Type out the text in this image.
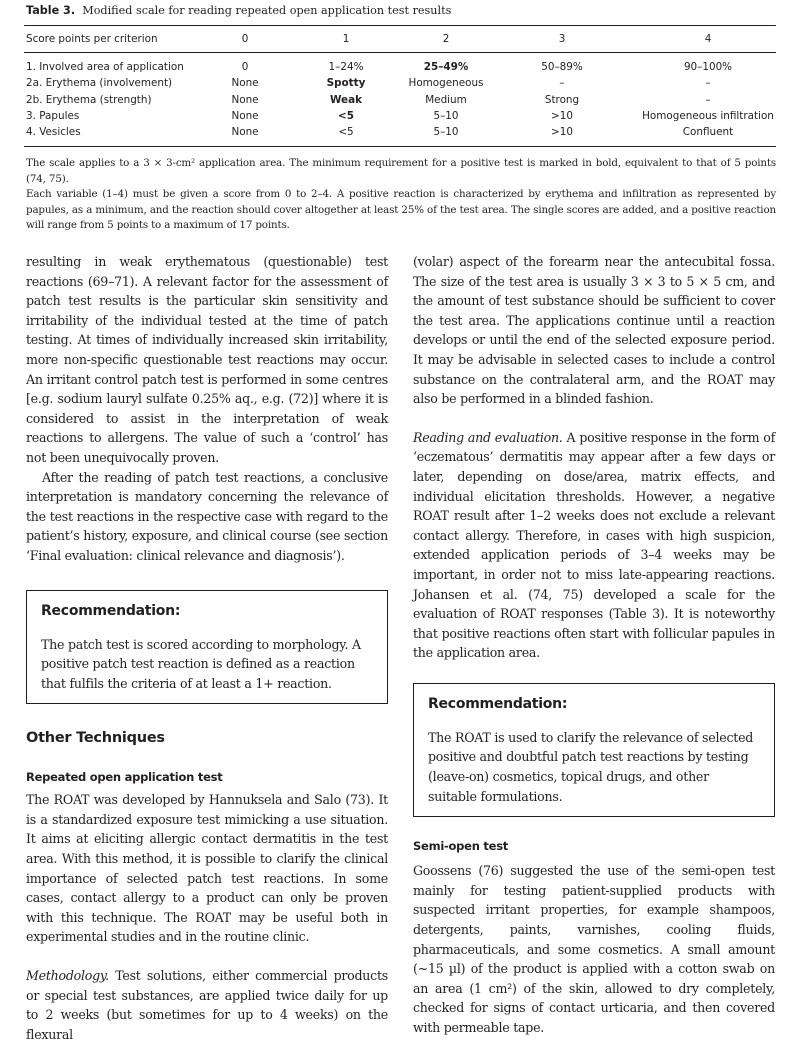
Table 3. Modified scale for reading repeated open application test results
Score points per criterion	0	1	2	3	4
1. Involved area of application	0	1–24%	25–49%	50–89%	90–100%
2a. Erythema (involvement)	None	Spotty	Homogeneous	–	–
2b. Erythema (strength)	None	Weak	Medium	Strong	–
3. Papules	None	<5	5–10	>10	Homogeneous infiltration
4. Vesicles	None	<5	5–10	>10	Confluent

The scale applies to a 3 × 3-cm² application area. The minimum requirement for a positive test is marked in bold, equivalent to that of 5 points (74, 75).

Each variable (1–4) must be given a score from 0 to 2–4. A positive reaction is characterized by erythema and infiltration as represented by papules, as a minimum, and the reaction should cover altogether at least 25% of the test area. The single scores are added, and a positive reaction will range from 5 points to a maximum of 17 points.

resulting in weak erythematous (questionable) test reactions (69–71). A relevant factor for the assessment of patch test results is the particular skin sensitivity and irritability of the individual tested at the time of patch testing. At times of individually increased skin irritability, more non-specific questionable test reactions may occur. An irritant control patch test is performed in some centres [e.g. sodium lauryl sulfate 0.25% aq., e.g. (72)] where it is considered to assist in the interpretation of weak reactions to allergens. The value of such a ‘control’ has not been unequivocally proven.

After the reading of patch test reactions, a conclusive interpretation is mandatory concerning the relevance of the test reactions in the respective case with regard to the patient’s history, exposure, and clinical course (see section ‘Final evaluation: clinical relevance and diagnosis’).

Recommendation:
The patch test is scored according to morphology. A positive patch test reaction is defined as a reaction that fulfils the criteria of at least a 1+ reaction.
Other Techniques
Repeated open application test

The ROAT was developed by Hannuksela and Salo (73). It is a standardized exposure test mimicking a use situation. It aims at eliciting allergic contact dermatitis in the test area. With this method, it is possible to clarify the clinical importance of selected patch test reactions. In some cases, contact allergy to a product can only be proven with this technique. The ROAT may be useful both in experimental studies and in the routine clinic.

Methodology. Test solutions, either commercial products or special test substances, are applied twice daily for up to 2 weeks (but sometimes for up to 4 weeks) on the flexural

(volar) aspect of the forearm near the antecubital fossa. The size of the test area is usually 3 × 3 to 5 × 5 cm, and the amount of test substance should be sufficient to cover the test area. The applications continue until a reaction develops or until the end of the selected exposure period. It may be advisable in selected cases to include a control substance on the contralateral arm, and the ROAT may also be performed in a blinded fashion.

Reading and evaluation. A positive response in the form of ‘eczematous’ dermatitis may appear after a few days or later, depending on dose/area, matrix effects, and individual elicitation thresholds. However, a negative ROAT result after 1–2 weeks does not exclude a relevant contact allergy. Therefore, in cases with high suspicion, extended application periods of 3–4 weeks may be important, in order not to miss late-appearing reactions. Johansen et al. (74, 75) developed a scale for the evaluation of ROAT responses (Table 3). It is noteworthy that positive reactions often start with follicular papules in the application area.

Recommendation:
The ROAT is used to clarify the relevance of selected positive and doubtful patch test reactions by testing (leave-on) cosmetics, topical drugs, and other suitable formulations.
Semi-open test

Goossens (76) suggested the use of the semi-open test mainly for testing patient-supplied products with suspected irritant properties, for example shampoos, detergents, paints, varnishes, cooling fluids, pharmaceuticals, and some cosmetics. A small amount (~15 µl) of the product is applied with a cotton swab on an area (1 cm²) of the skin, allowed to dry completely, checked for signs of contact urticaria, and then covered with permeable tape.
